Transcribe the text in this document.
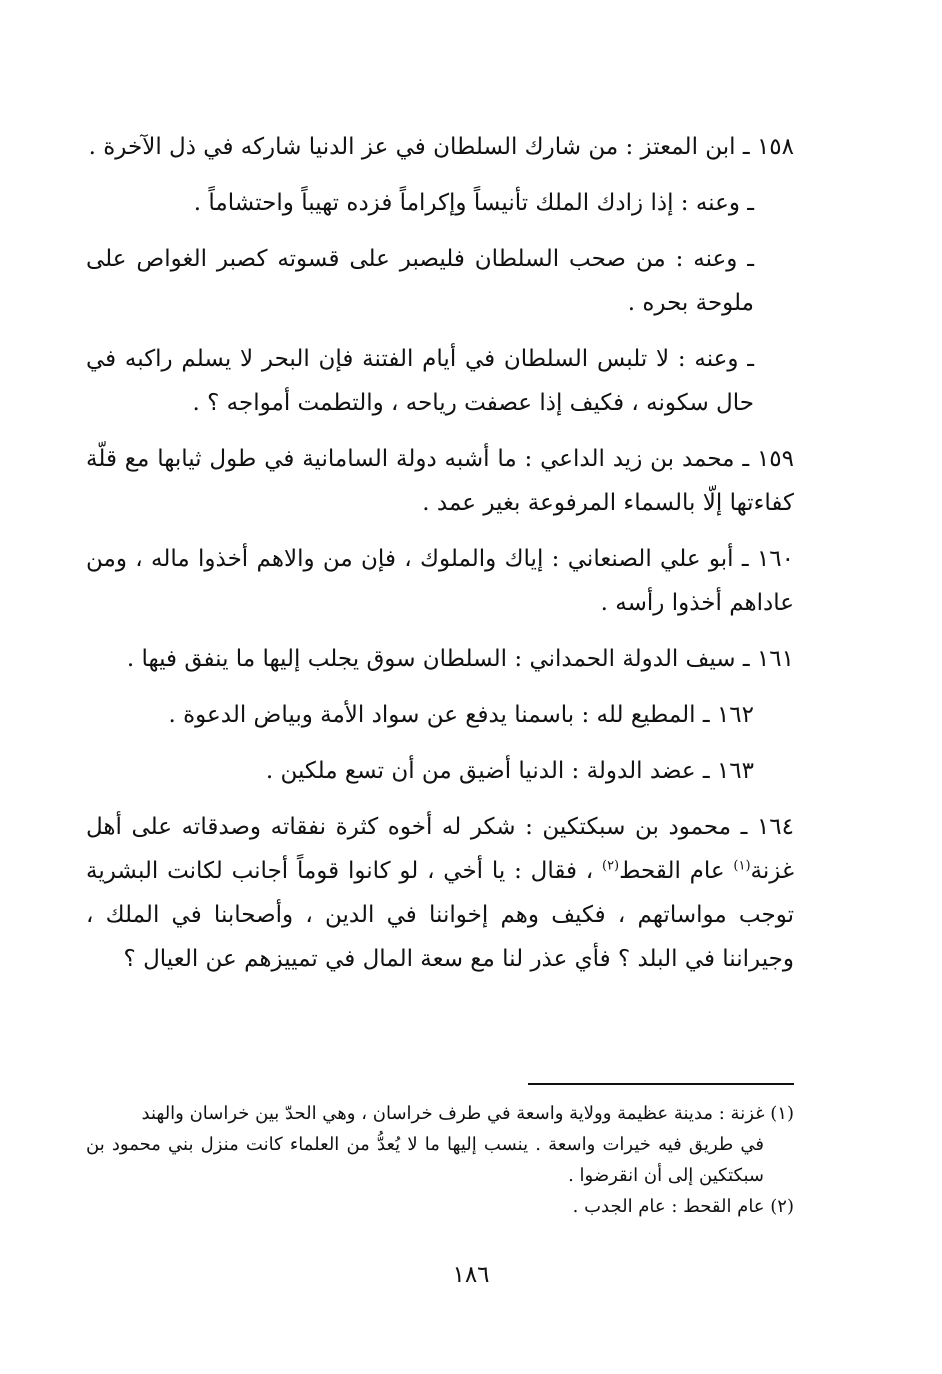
١٥٨ ـ ابن المعتز : من شارك السلطان في عز الدنيا شاركه في ذل الآخرة .

ـ وعنه : إذا زادك الملك تأنيساً وإكراماً فزده تهيباً واحتشاماً .

ـ وعنه : من صحب السلطان فليصبر على قسوته كصبر الغواص على ملوحة بحره .

ـ وعنه : لا تلبس السلطان في أيام الفتنة فإن البحر لا يسلم راكبه في حال سكونه ، فكيف إذا عصفت رياحه ، والتطمت أمواجه ؟ .

١٥٩ ـ محمد بن زيد الداعي : ما أشبه دولة السامانية في طول ثيابها مع قلّة كفاءتها إلّا بالسماء المرفوعة بغير عمد .

١٦٠ ـ أبو علي الصنعاني : إياك والملوك ، فإن من والاهم أخذوا ماله ، ومن عاداهم أخذوا رأسه .

١٦١ ـ سيف الدولة الحمداني : السلطان سوق يجلب إليها ما ينفق فيها .

١٦٢ ـ المطيع لله : باسمنا يدفع عن سواد الأمة وبياض الدعوة .

١٦٣ ـ عضد الدولة : الدنيا أضيق من أن تسع ملكين .

١٦٤ ـ محمود بن سبكتكين : شكر له أخوه كثرة نفقاته وصدقاته على أهل غزنة$^{(١)}$ عام القحط$^{(٢)}$ ، فقال : يا أخي ، لو كانوا قوماً أجانب لكانت البشرية توجب مواساتهم ، فكيف وهم إخواننا في الدين ، وأصحابنا في الملك ، وجيراننا في البلد ؟ فأي عذر لنا مع سعة المال في تمييزهم عن العيال ؟

(١) غزنة : مدينة عظيمة وولاية واسعة في طرف خراسان ، وهي الحدّ بين خراسان والهند
في طريق فيه خيرات واسعة . ينسب إليها ما لا يُعدُّ من العلماء كانت منزل بني محمود بن سبكتكين إلى أن انقرضوا .

(٢) عام القحط : عام الجدب .

١٨٦
